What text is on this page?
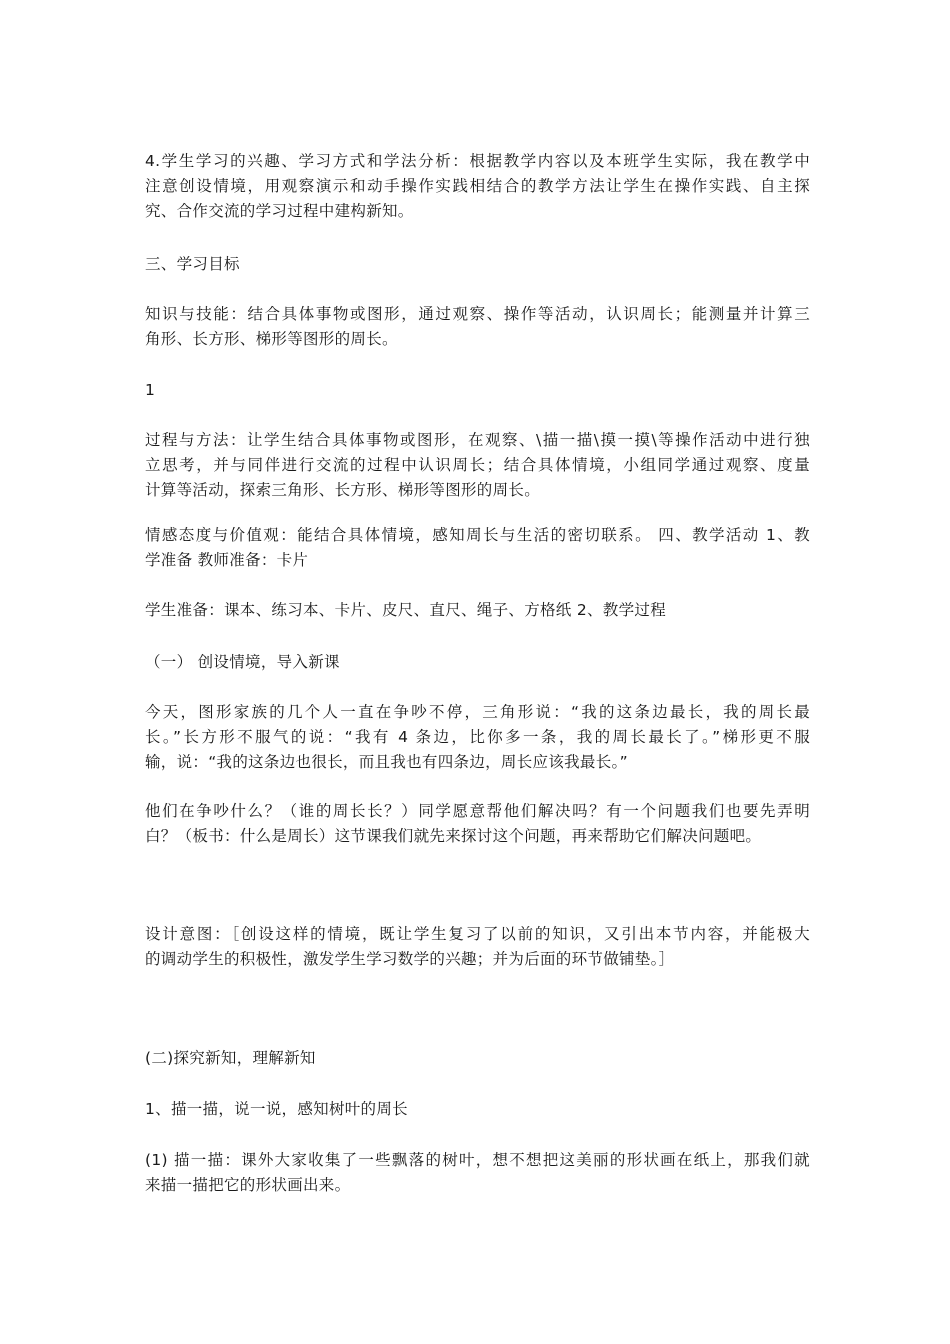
4.学生学习的兴趣、学习方式和学法分析：根据教学内容以及本班学生实际，我在教学中
注意创设情境，用观察演示和动手操作实践相结合的教学方法让学生在操作实践、自主探
究、合作交流的学习过程中建构新知。

三、学习目标

知识与技能：结合具体事物或图形，通过观察、操作等活动，认识周长；能测量并计算三
角形、长方形、梯形等图形的周长。

1

过程与方法：让学生结合具体事物或图形，在观察、\描一描\摸一摸\等操作活动中进行独
立思考，并与同伴进行交流的过程中认识周长；结合具体情境，小组同学通过观察、度量
计算等活动，探索三角形、长方形、梯形等图形的周长。

情感态度与价值观：能结合具体情境，感知周长与生活的密切联系。 四、教学活动 1、教
学准备 教师准备：卡片

学生准备：课本、练习本、卡片、皮尺、直尺、绳子、方格纸 2、教学过程

（一） 创设情境，导入新课

今天，图形家族的几个人一直在争吵不停，三角形说：“我的这条边最长，我的周长最
长。”长方形不服气的说：“我有 4 条边，比你多一条，我的周长最长了。”梯形更不服
输，说：“我的这条边也很长，而且我也有四条边，周长应该我最长。”

他们在争吵什么？（谁的周长长？）同学愿意帮他们解决吗？有一个问题我们也要先弄明
白？（板书：什么是周长）这节课我们就先来探讨这个问题，再来帮助它们解决问题吧。

设计意图：［创设这样的情境，既让学生复习了以前的知识，又引出本节内容，并能极大
的调动学生的积极性，激发学生学习数学的兴趣；并为后面的环节做铺垫。］

(二)探究新知，理解新知

1、描一描，说一说，感知树叶的周长

(1) 描一描：课外大家收集了一些飘落的树叶，想不想把这美丽的形状画在纸上，那我们就
来描一描把它的形状画出来。
